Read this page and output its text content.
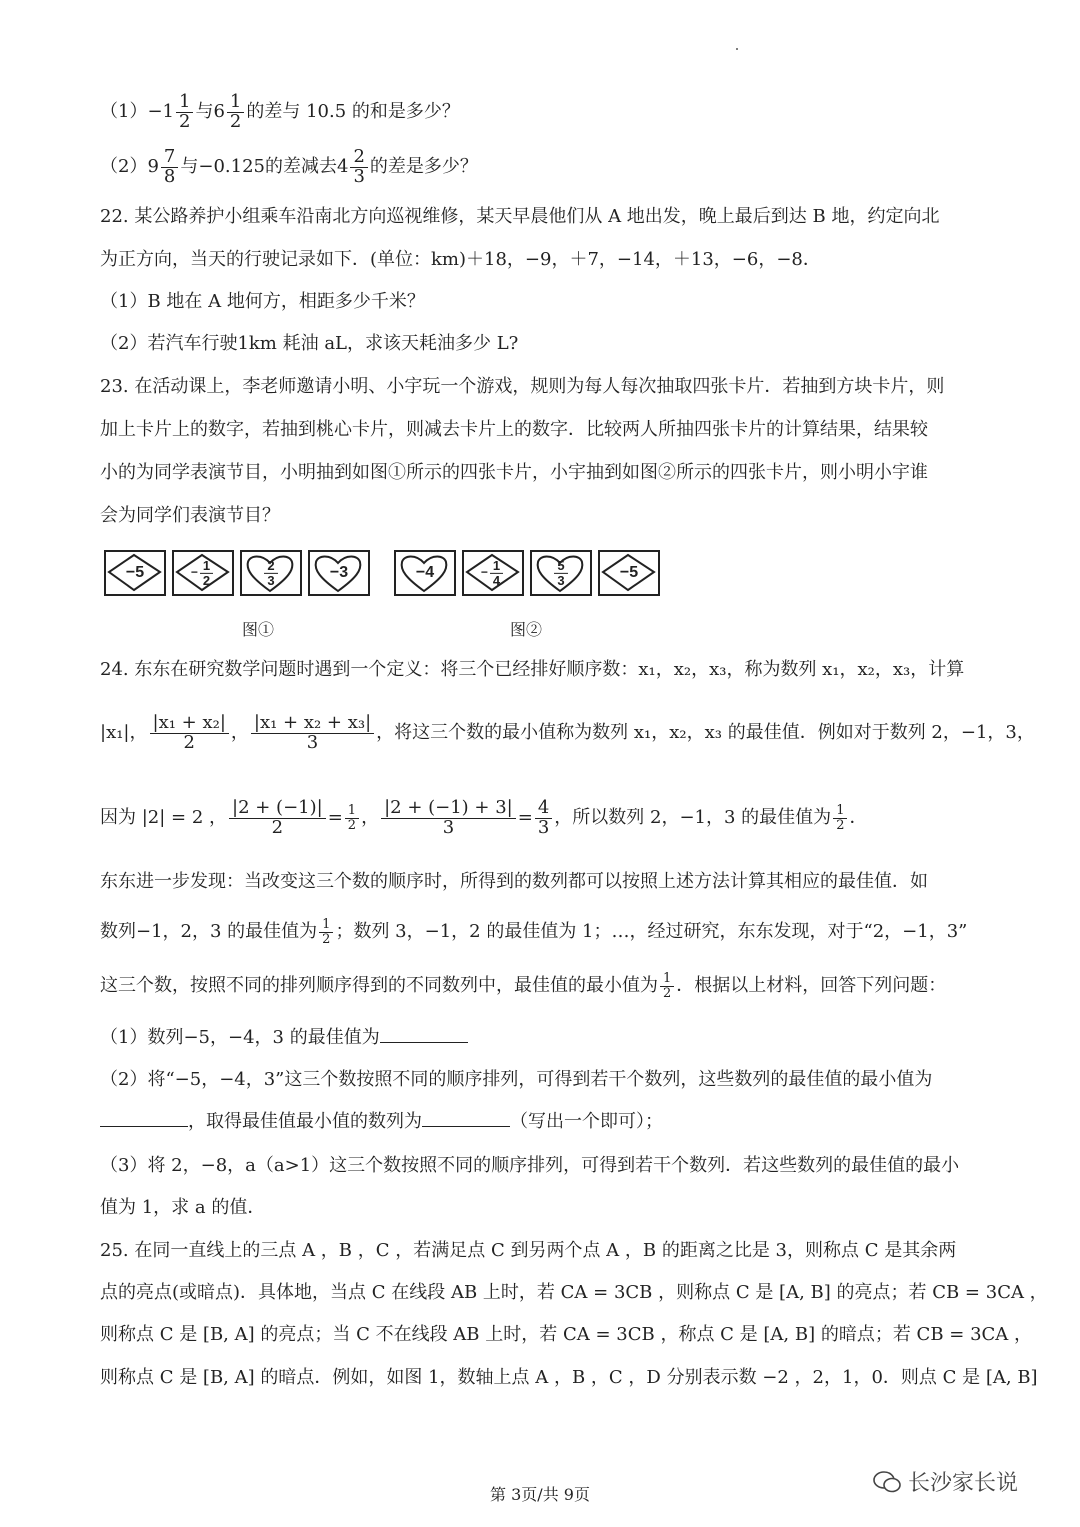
$(1)-1 \frac{1}{2}$ 与$6 \frac{1}{2}$ 的差与 10.5 的和是多少？
$(2)9 \frac{7}{8}$ 与−0.125的差减去$4 \frac{2}{3}$ 的差是多少？
22. 某公路养护小组乘车沿南北方向巡视维修，某天早晨他们从 A 地出发，晚上最后到达 B 地，约定向北
为正方向，当天的行驶记录如下．(单位：km)＋18，−9，＋7，−14，＋13，−6，−8．
（1）B 地在 A 地何方，相距多少千米？
（2）若汽车行驶1km 耗油 aL，求该天耗油多少 L?
23. 在活动课上，李老师邀请小明、小宇玩一个游戏，规则为每人每次抽取四张卡片．若抽到方块卡片，则
加上卡片上的数字，若抽到桃心卡片，则减去卡片上的数字．比较两人所抽四张卡片的计算结果，结果较
小的为同学表演节目，小明抽到如图①所示的四张卡片，小宇抽到如图②所示的四张卡片，则小明小宇谁
会为同学们表演节目？
−5	− $\frac{1}{2}$	$\frac{2}{3}$	−3	−4	− $\frac{1}{4}$	$\frac{5}{3}$	−5
图①	图②
24. 东东在研究数学问题时遇到一个定义：将三个已经排好顺序数：x₁，x₂，x₃，称为数列 x₁，x₂，x₃，计算
|x₁|， $\frac{\text{|x₁ + x₂|}}{2}$ ， $\frac{\text{|x₁ + x₂ + x₃|}}{3}$ ，将这三个数的最小值称为数列 x₁，x₂，x₃ 的最佳值．例如对于数列 2，−1，3，
因为 |2| = 2 ， $\frac{|2 + (-1)|}{2} = \frac{1}{2}$ ， $\frac{|2 + (-1) + 3|}{3} = \frac{4}{3}$ ，所以数列 2，−1，3 的最佳值为 $\frac{1}{2}$ ．
东东进一步发现：当改变这三个数的顺序时，所得到的数列都可以按照上述方法计算其相应的最佳值．如
数列−1，2，3 的最佳值为 $\frac{1}{2}$ ；数列 3，−1，2 的最佳值为 1；…，经过研究，东东发现，对于“2，−1，3”
这三个数，按照不同的排列顺序得到的不同数列中，最佳值的最小值为 $\frac{1}{2}$ ．根据以上材料，回答下列问题：
（1）数列−5，−4，3 的最佳值为
（2）将“−5，−4，3”这三个数按照不同的顺序排列，可得到若干个数列，这些数列的最佳值的最小值为
，取得最佳值最小值的数列为	（写出一个即可）；
（3）将 2，−8，a（a>1）这三个数按照不同的顺序排列，可得到若干个数列．若这些数列的最佳值的最小
值为 1，求 a 的值．
25. 在同一直线上的三点 A ，B ，C ，若满足点 C 到另两个点 A ，B 的距离之比是 3，则称点 C 是其余两
点的亮点(或暗点)．具体地，当点 C 在线段 AB 上时，若 CA = 3CB ，则称点 C 是 [A, B] 的亮点；若 CB = 3CA ，
则称点 C 是 [B, A] 的亮点；当 C 不在线段 AB 上时，若 CA = 3CB ，称点 C 是 [A, B] 的暗点；若 CB = 3CA ，
则称点 C 是 [B, A] 的暗点．例如，如图 1，数轴上点 A ，B ，C ，D 分别表示数 −2 ，2，1，0．则点 C 是 [A, B]
第 3页/共 9页	长沙家长说
